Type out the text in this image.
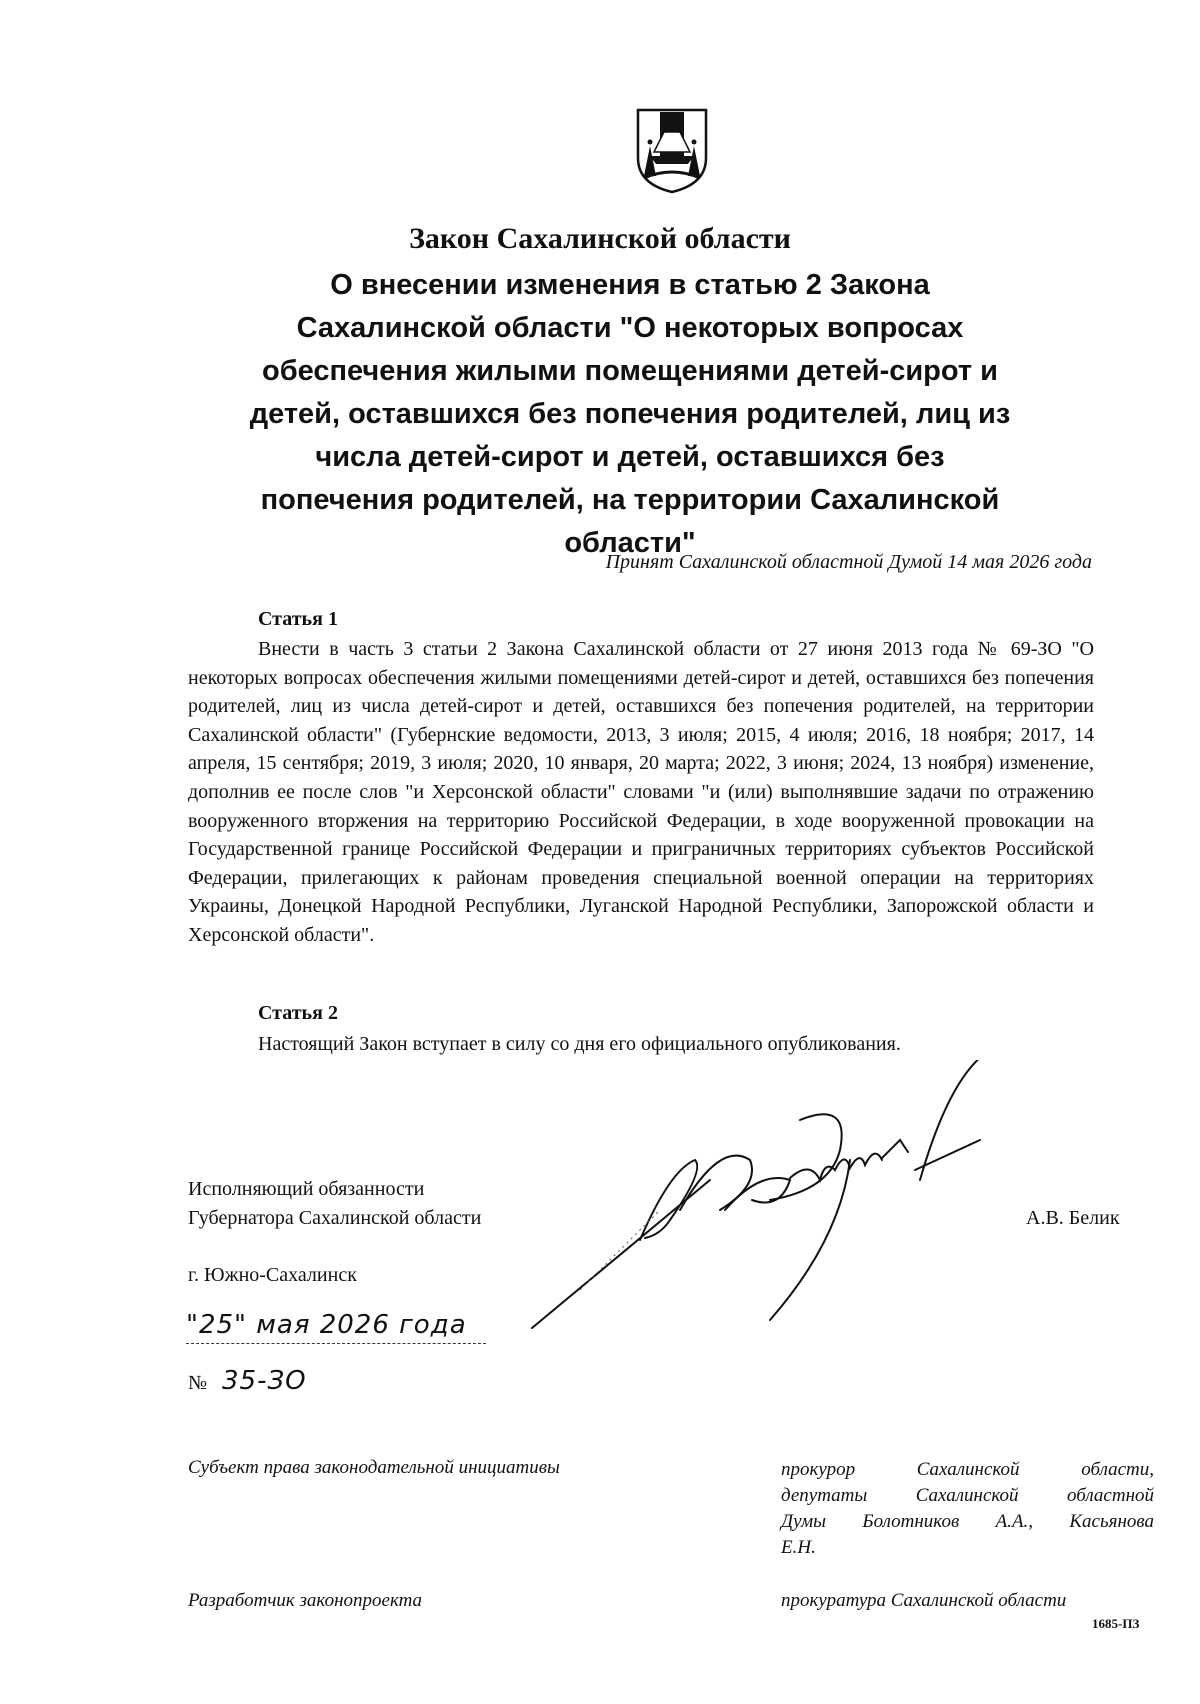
Закон Сахалинской области
О внесении изменения в статью 2 Закона
Сахалинской области "О некоторых вопросах
обеспечения жилыми помещениями детей-сирот и
детей, оставшихся без попечения родителей, лиц из
числа детей-сирот и детей, оставшихся без
попечения родителей, на территории Сахалинской
области"
Принят Сахалинской областной Думой 14 мая 2026 года
Статья 1
Внести в часть 3 статьи 2 Закона Сахалинской области от 27 июня 2013 года № 69-ЗО "О некоторых вопросах обеспечения жилыми помещениями детей-сирот и детей, оставшихся без попечения родителей, лиц из числа детей-сирот и детей, оставшихся без попечения родителей, на территории Сахалинской области" (Губернские ведомости, 2013, 3 июля; 2015, 4 июля; 2016, 18 ноября; 2017, 14 апреля, 15 сентября; 2019, 3 июля; 2020, 10 января, 20 марта; 2022, 3 июня; 2024, 13 ноября) изменение, дополнив ее после слов "и Херсонской области" словами "и (или) выполнявшие задачи по отражению вооруженного вторжения на территорию Российской Федерации, в ходе вооруженной провокации на Государственной границе Российской Федерации и приграничных территориях субъектов Российской Федерации, прилегающих к районам проведения специальной военной операции на территориях Украины, Донецкой Народной Республики, Луганской Народной Республики, Запорожской области и Херсонской области".
Статья 2
Настоящий Закон вступает в силу со дня его официального опубликования.
Исполняющий обязанности
Губернатора Сахалинской области	А.В. Белик
г. Южно-Сахалинск
"25" мая 2026 года
№ 35-ЗО
Субъект права законодательной инициативы	прокурор Сахалинской области,
депутаты Сахалинской областной
Думы Болотников А.А., Касьянова
Е.Н.
Разработчик законопроекта	прокуратура Сахалинской области
1685-ПЗ
